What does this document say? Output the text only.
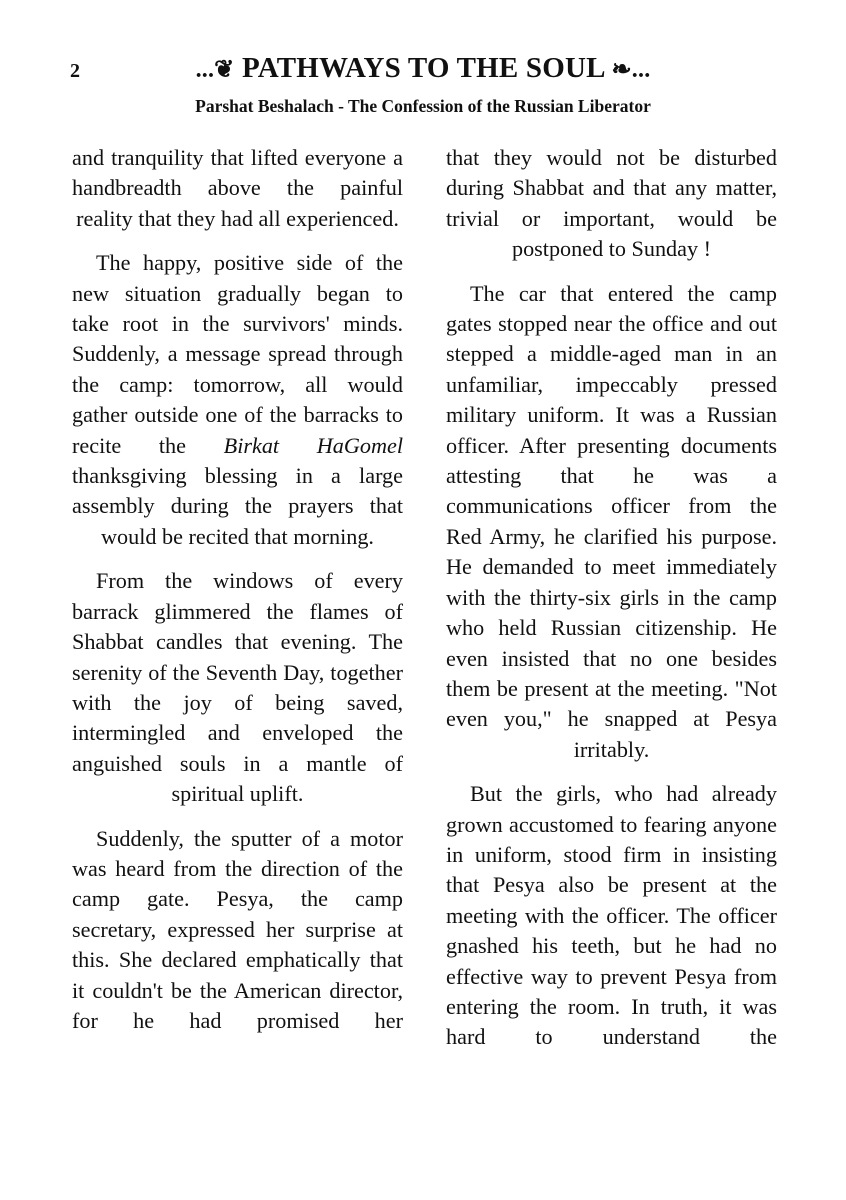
2	...❦ PATHWAYS TO THE SOUL ❧...
Parshat Beshalach - The Confession of the Russian Liberator

and tranquility that lifted everyone a handbreadth above the painful reality that they had all experienced.

The happy, positive side of the new situation gradually began to take root in the survivors' minds. Suddenly, a message spread through the camp: tomorrow, all would gather outside one of the barracks to recite the Birkat HaGomel thanksgiving blessing in a large assembly during the prayers that would be recited that morning.

From the windows of every barrack glimmered the flames of Shabbat candles that evening. The serenity of the Seventh Day, together with the joy of being saved, intermingled and enveloped the anguished souls in a mantle of spiritual uplift.

Suddenly, the sputter of a motor was heard from the direction of the camp gate. Pesya, the camp secretary, expressed her surprise at this. She declared emphatically that it couldn't be the American director, for he had promised her

that they would not be disturbed during Shabbat and that any matter, trivial or important, would be postponed to Sunday !

The car that entered the camp gates stopped near the office and out stepped a middle-aged man in an unfamiliar, impeccably pressed military uniform. It was a Russian officer. After presenting documents attesting that he was a communications officer from the Red Army, he clarified his purpose. He demanded to meet immediately with the thirty-six girls in the camp who held Russian citizenship. He even insisted that no one besides them be present at the meeting. "Not even you," he snapped at Pesya irritably.

But the girls, who had already grown accustomed to fearing anyone in uniform, stood firm in insisting that Pesya also be present at the meeting with the officer. The officer gnashed his teeth, but he had no effective way to prevent Pesya from entering the room. In truth, it was hard to understand the
